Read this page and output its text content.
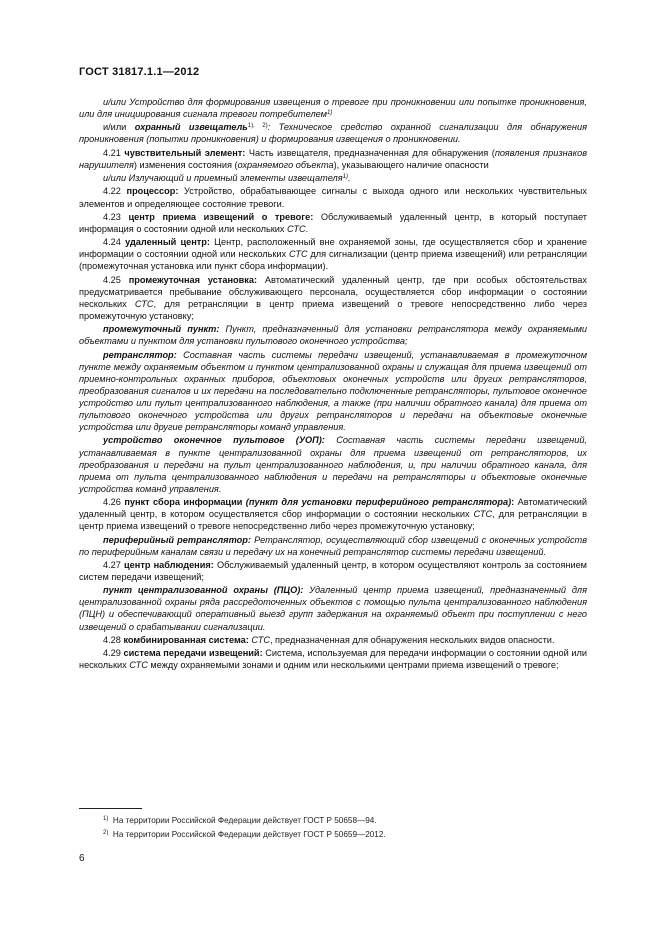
ГОСТ 31817.1.1—2012

и/или Устройство для формирования извещения о тревоге при проникновении или попытке проникновения, или для инициирования сигнала тревоги потребителем$^{1)}$

и/или охранный извещатель$^{1), 2)}$: Техническое средство охранной сигнализации для обнаружения проникновения (попытки проникновения) и формирования извещения о проникновении.

4.21 чувствительный элемент: Часть извещателя, предназначенная для обнаружения (появления признаков нарушителя) изменения состояния (охраняемого объекта), указывающего наличие опасности

и/или Излучающий и приемный элементы извещателя$^{1)}$.

4.22 процессор: Устройство, обрабатывающее сигналы с выхода одного или нескольких чувствительных элементов и определяющее состояние тревоги.

4.23 центр приема извещений о тревоге: Обслуживаемый удаленный центр, в который поступает информация о состоянии одной или нескольких СТС.

4.24 удаленный центр: Центр, расположенный вне охраняемой зоны, где осуществляется сбор и хранение информации о состоянии одной или нескольких СТС для сигнализации (центр приема извещений) или ретрансляции (промежуточная установка или пункт сбора информации).

4.25 промежуточная установка: Автоматический удаленный центр, где при особых обстоятельствах предусматривается пребывание обслуживающего персонала, осуществляется сбор информации о состоянии нескольких СТС, для ретрансляции в центр приема извещений о тревоге непосредственно либо через промежуточную установку;

промежуточный пункт: Пункт, предназначенный для установки ретранслятора между охраняемыми объектами и пунктом для установки пультового оконечного устройства;

ретранслятор: Составная часть системы передачи извещений, устанавливаемая в промежуточном пункте между охраняемым объектом и пунктом централизованной охраны и служащая для приема извещений от приемно-контрольных охранных приборов, объектовых оконечных устройств или других ретрансляторов, преобразования сигналов и их передачи на последовательно подключенные ретрансляторы, пультовое оконечное устройство или пульт централизованного наблюдения, а также (при наличии обратного канала) для приема от пультового оконечного устройства или других ретрансляторов и передачи на объектовые оконечные устройства или другие ретрансляторы команд управления.

устройство оконечное пультовое (УОП): Составная часть системы передачи извещений, устанавливаемая в пункте централизованной охраны для приема извещений от ретрансляторов, их преобразования и передачи на пульт централизованного наблюдения, и, при наличии обратного канала, для приема от пульта централизованного наблюдения и передачи на ретрансляторы и объектовые оконечные устройства команд управления.

4.26 пункт сбора информации (пункт для установки периферийного ретранслятора): Автоматический удаленный центр, в котором осуществляется сбор информации о состоянии нескольких СТС, для ретрансляции в центр приема извещений о тревоге непосредственно либо через промежуточную установку;

периферийный ретранслятор: Ретранслятор, осуществляющий сбор извещений с оконечных устройств по периферийным каналам связи и передачу их на конечный ретранслятор системы передачи извещений.

4.27 центр наблюдения: Обслуживаемый удаленный центр, в котором осуществляют контроль за состоянием систем передачи извещений;

пункт централизованной охраны (ПЦО): Удаленный центр приема извещений, предназначенный для централизованной охраны ряда рассредоточенных объектов с помощью пульта централизованного наблюдения (ПЦН) и обеспечивающий оперативный выезд групп задержания на охраняемый объект при поступлении с него извещений о срабатывании сигнализации.

4.28 комбинированная система: СТС, предназначенная для обнаружения нескольких видов опасности.

4.29 система передачи извещений: Система, используемая для передачи информации о состоянии одной или нескольких СТС между охраняемыми зонами и одним или несколькими центрами приема извещений о тревоге;

$^{1)}$ На территории Российской Федерации действует ГОСТ Р 50658—94.
$^{2)}$ На территории Российской Федерации действует ГОСТ Р 50659—2012.
6
